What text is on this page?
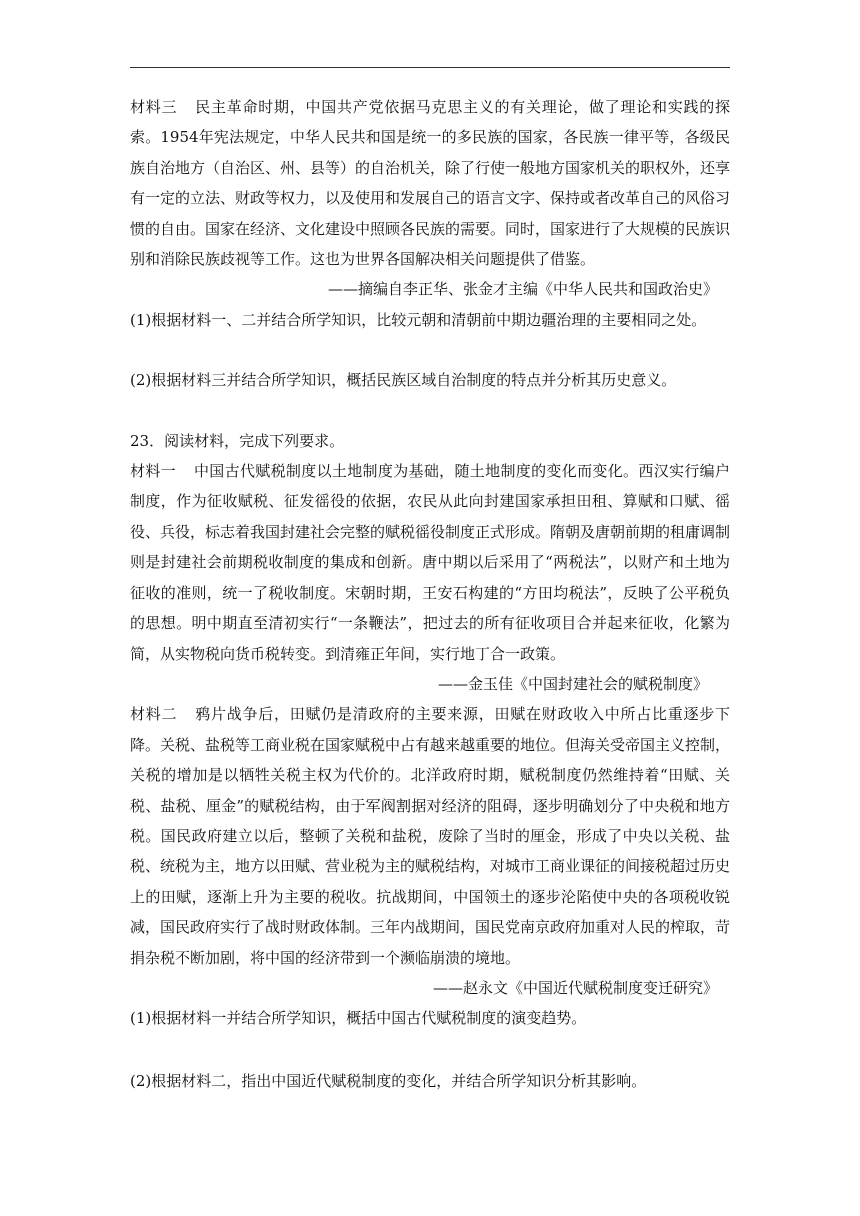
材料三 民主革命时期，中国共产党依据马克思主义的有关理论，做了理论和实践的探索。1954年宪法规定，中华人民共和国是统一的多民族的国家，各民族一律平等，各级民族自治地方（自治区、州、县等）的自治机关，除了行使一般地方国家机关的职权外，还享有一定的立法、财政等权力，以及使用和发展自己的语言文字、保持或者改革自己的风俗习惯的自由。国家在经济、文化建设中照顾各民族的需要。同时，国家进行了大规模的民族识别和消除民族歧视等工作。这也为世界各国解决相关问题提供了借鉴。

——摘编自李正华、张金才主编《中华人民共和国政治史》

(1)根据材料一、二并结合所学知识，比较元朝和清朝前中期边疆治理的主要相同之处。

(2)根据材料三并结合所学知识，概括民族区域自治制度的特点并分析其历史意义。

23．阅读材料，完成下列要求。

材料一 中国古代赋税制度以土地制度为基础，随土地制度的变化而变化。西汉实行编户制度，作为征收赋税、征发徭役的依据，农民从此向封建国家承担田租、算赋和口赋、徭役、兵役，标志着我国封建社会完整的赋税徭役制度正式形成。隋朝及唐朝前期的租庸调制则是封建社会前期税收制度的集成和创新。唐中期以后采用了“两税法”，以财产和土地为征收的准则，统一了税收制度。宋朝时期，王安石构建的“方田均税法”，反映了公平税负的思想。明中期直至清初实行“一条鞭法”，把过去的所有征收项目合并起来征收，化繁为简，从实物税向货币税转变。到清雍正年间，实行地丁合一政策。

——金玉佳《中国封建社会的赋税制度》

材料二 鸦片战争后，田赋仍是清政府的主要来源，田赋在财政收入中所占比重逐步下降。关税、盐税等工商业税在国家赋税中占有越来越重要的地位。但海关受帝国主义控制，关税的增加是以牺牲关税主权为代价的。北洋政府时期，赋税制度仍然维持着“田赋、关税、盐税、厘金”的赋税结构，由于军阀割据对经济的阻碍，逐步明确划分了中央税和地方税。国民政府建立以后，整顿了关税和盐税，废除了当时的厘金，形成了中央以关税、盐税、统税为主，地方以田赋、营业税为主的赋税结构，对城市工商业课征的间接税超过历史上的田赋，逐渐上升为主要的税收。抗战期间，中国领土的逐步沦陷使中央的各项税收锐减，国民政府实行了战时财政体制。三年内战期间，国民党南京政府加重对人民的榨取，苛捐杂税不断加剧，将中国的经济带到一个濒临崩溃的境地。

——赵永文《中国近代赋税制度变迁研究》

(1)根据材料一并结合所学知识，概括中国古代赋税制度的演变趋势。

(2)根据材料二，指出中国近代赋税制度的变化，并结合所学知识分析其影响。
